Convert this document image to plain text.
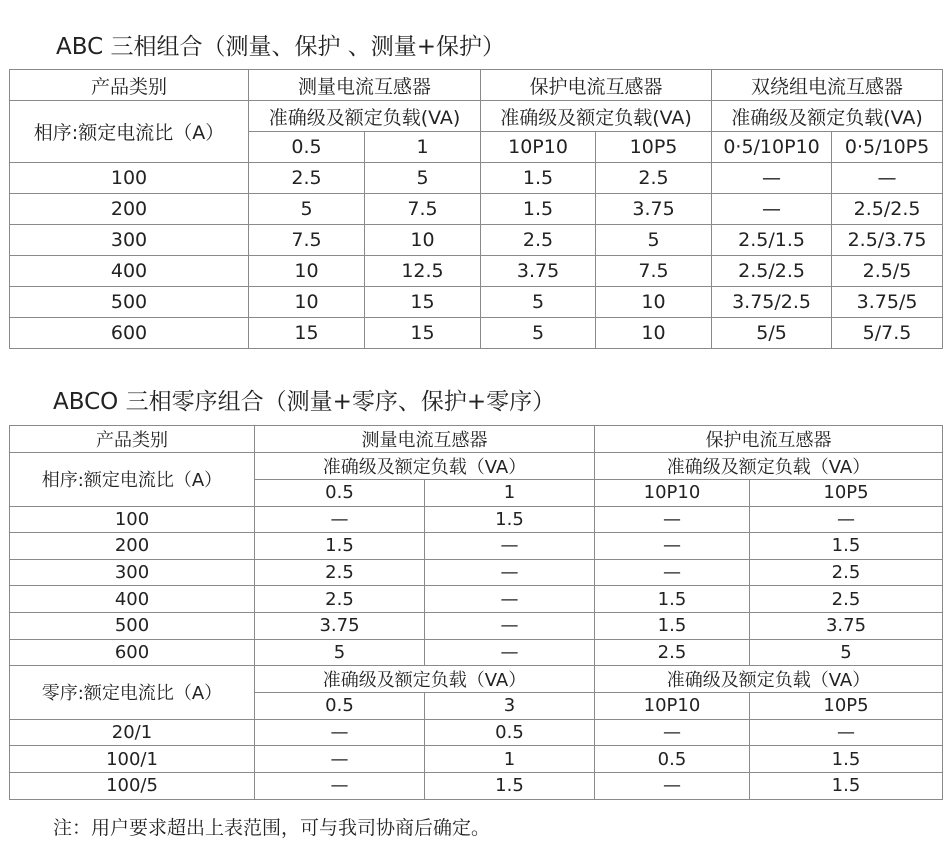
ABC 三相组合（测量、保护 、测量+保护）
产品类别	测量电流互感器		保护电流互感器		双绕组电流互感器	
相序:额定电流比（A）	准确级及额定负载(VA)		准确级及额定负载(VA)		准确级及额定负载(VA)	
	0.5	1	10P10	10P5	0·5/10P10	0·5/10P5
100	2.5	5	1.5	2.5	—	—
200	5	7.5	1.5	3.75	—	2.5/2.5
300	7.5	10	2.5	5	2.5/1.5	2.5/3.75
400	10	12.5	3.75	7.5	2.5/2.5	2.5/5
500	10	15	5	10	3.75/2.5	3.75/5
600	15	15	5	10	5/5	5/7.5
ABCO 三相零序组合（测量+零序、保护+零序）
产品类别	测量电流互感器		保护电流互感器	
相序:额定电流比（A）	准确级及额定负载（VA）		准确级及额定负载（VA）	
	0.5	1	10P10	10P5
100	—	1.5	—	—
200	1.5	—	—	1.5
300	2.5	—	—	2.5
400	2.5	—	1.5	2.5
500	3.75	—	1.5	3.75
600	5	—	2.5	5
零序:额定电流比（A）	准确级及额定负载（VA）		准确级及额定负载（VA）	
	0.5	3	10P10	10P5
20/1	—	0.5	—	—
100/1	—	1	0.5	1.5
100/5	—	1.5	—	1.5
注：用户要求超出上表范围，可与我司协商后确定。
